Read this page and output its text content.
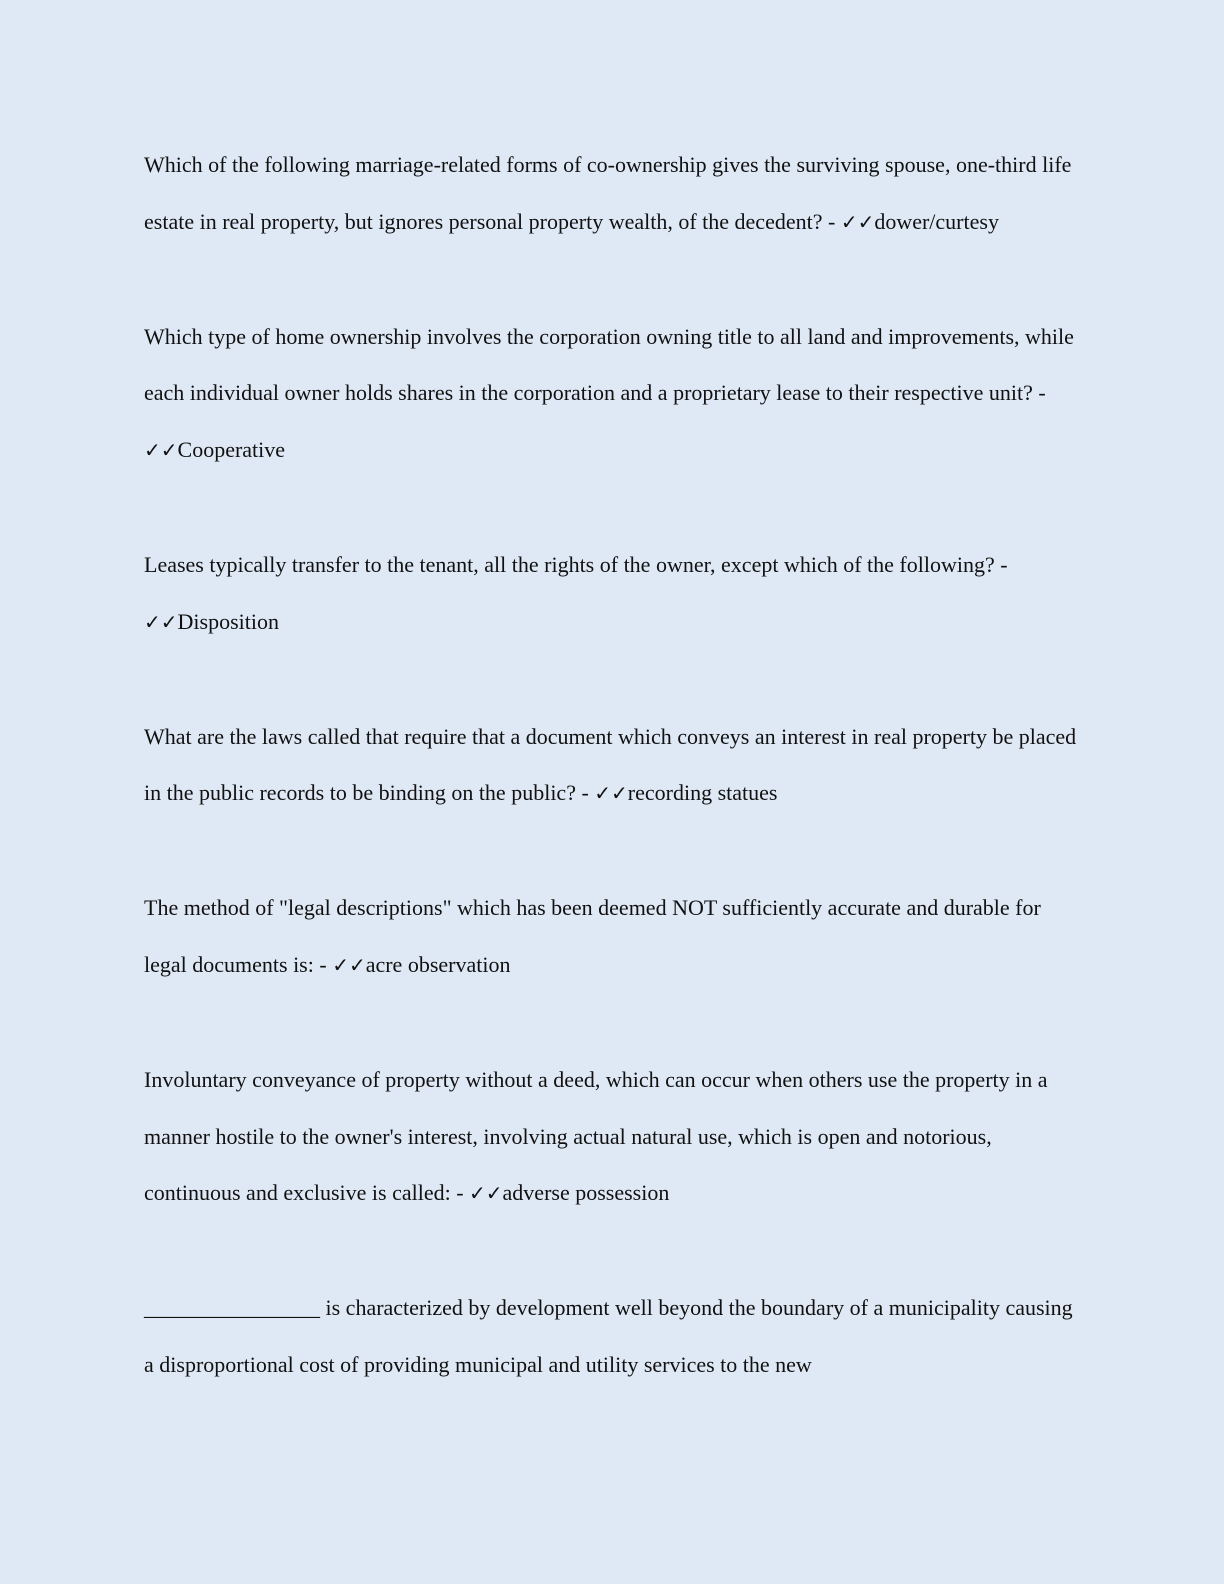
Which of the following marriage-related forms of co-ownership gives the surviving spouse, one-third life estate in real property, but ignores personal property wealth, of the decedent? - ✓✓dower/curtesy
Which type of home ownership involves the corporation owning title to all land and improvements, while each individual owner holds shares in the corporation and a proprietary lease to their respective unit? - ✓✓Cooperative
Leases typically transfer to the tenant, all the rights of the owner, except which of the following? - ✓✓Disposition
What are the laws called that require that a document which conveys an interest in real property be placed in the public records to be binding on the public? - ✓✓recording statues
The method of "legal descriptions" which has been deemed NOT sufficiently accurate and durable for legal documents is: - ✓✓acre observation
Involuntary conveyance of property without a deed, which can occur when others use the property in a manner hostile to the owner's interest, involving actual natural use, which is open and notorious, continuous and exclusive is called: - ✓✓adverse possession
________________ is characterized by development well beyond the boundary of a municipality causing a disproportional cost of providing municipal and utility services to the new
